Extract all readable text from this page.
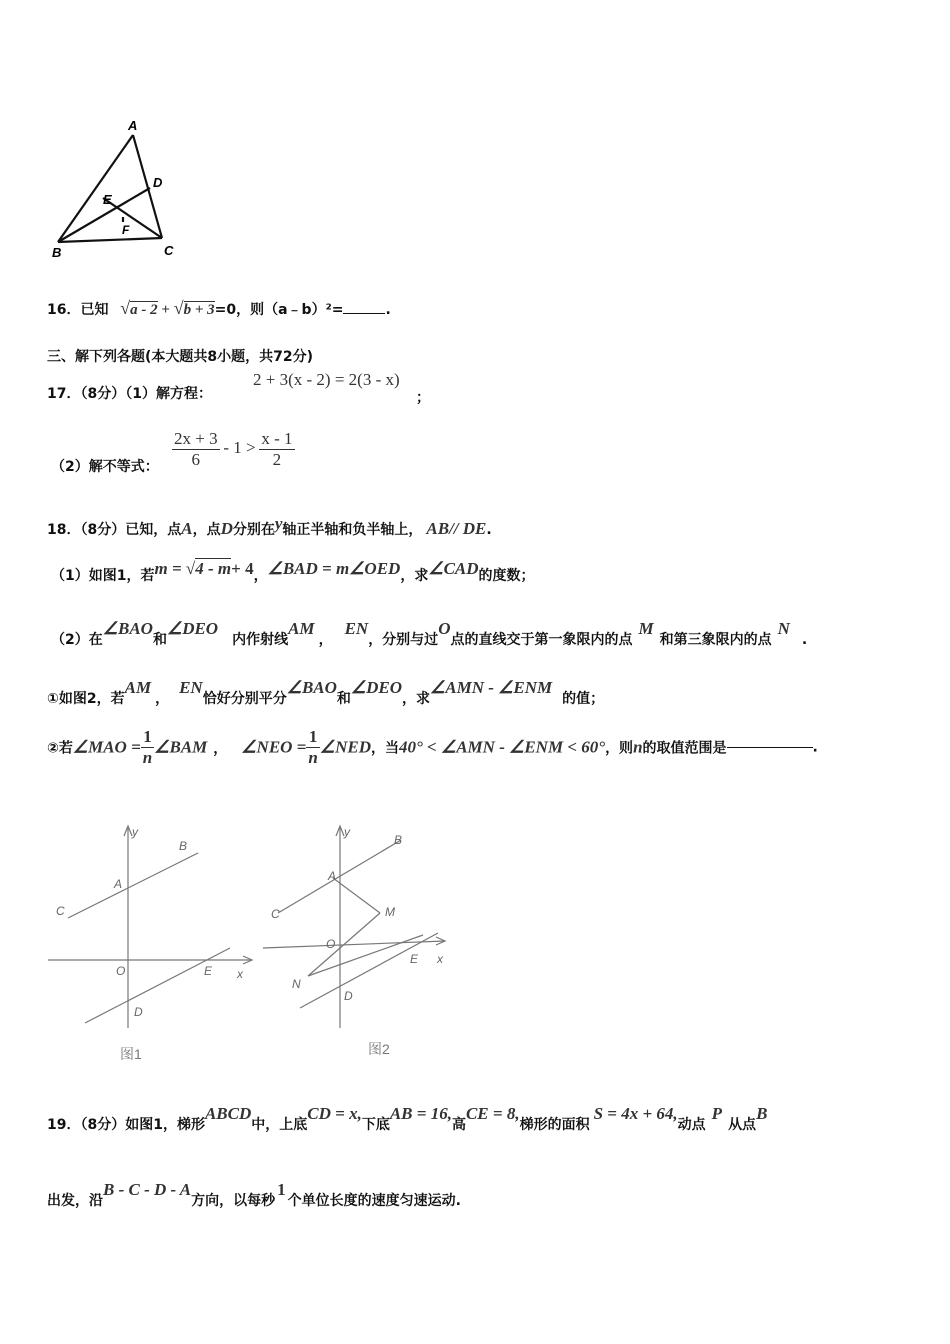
A
B	C
D
E
F
16．已知 √a - 2 + √b + 3=0，则（a﹣b）²=	.
三、解下列各题(本大题共8小题，共72分)
17．（8分）（1）解方程：
2 + 3(x - 2) = 2(3 - x)
；
（2）解不等式： $\frac{2x + 3}{6} - 1 > \frac{x - 1}{2}$
18．（8分）已知，点A，点D分别在y轴正半轴和负半轴上， AB// DE.
（1）如图1，若m = √4 - m+ 4，∠BAD = m∠OED，求∠CAD的度数；
（2）在∠BAO和∠DEO内作射线AM，EN，分别与过O点的直线交于第一象限内的点M和第三象限内的点N.
①如图2，若AM，EN恰好分别平分∠BAO和∠DEO，求∠AMN - ∠ENM的值；
②若∠MAO = $\frac{1}{n}$ ∠BAM ， ∠NEO = $\frac{1}{n}$ ∠NED，当40° < ∠AMN - ∠ENM < 60°，则n的取值范围是	.
y
x
B
A
C
O	E
D
图1
y
B
A
M
C
O
E x
N
D
图2
19．（8分）如图1，梯形ABCD中，上底CD = x,下底AB = 16,高CE = 8,梯形的面积S = 4x + 64,动点P从点B
出发，沿B - C - D - A方向，以每秒1个单位长度的速度匀速运动.
